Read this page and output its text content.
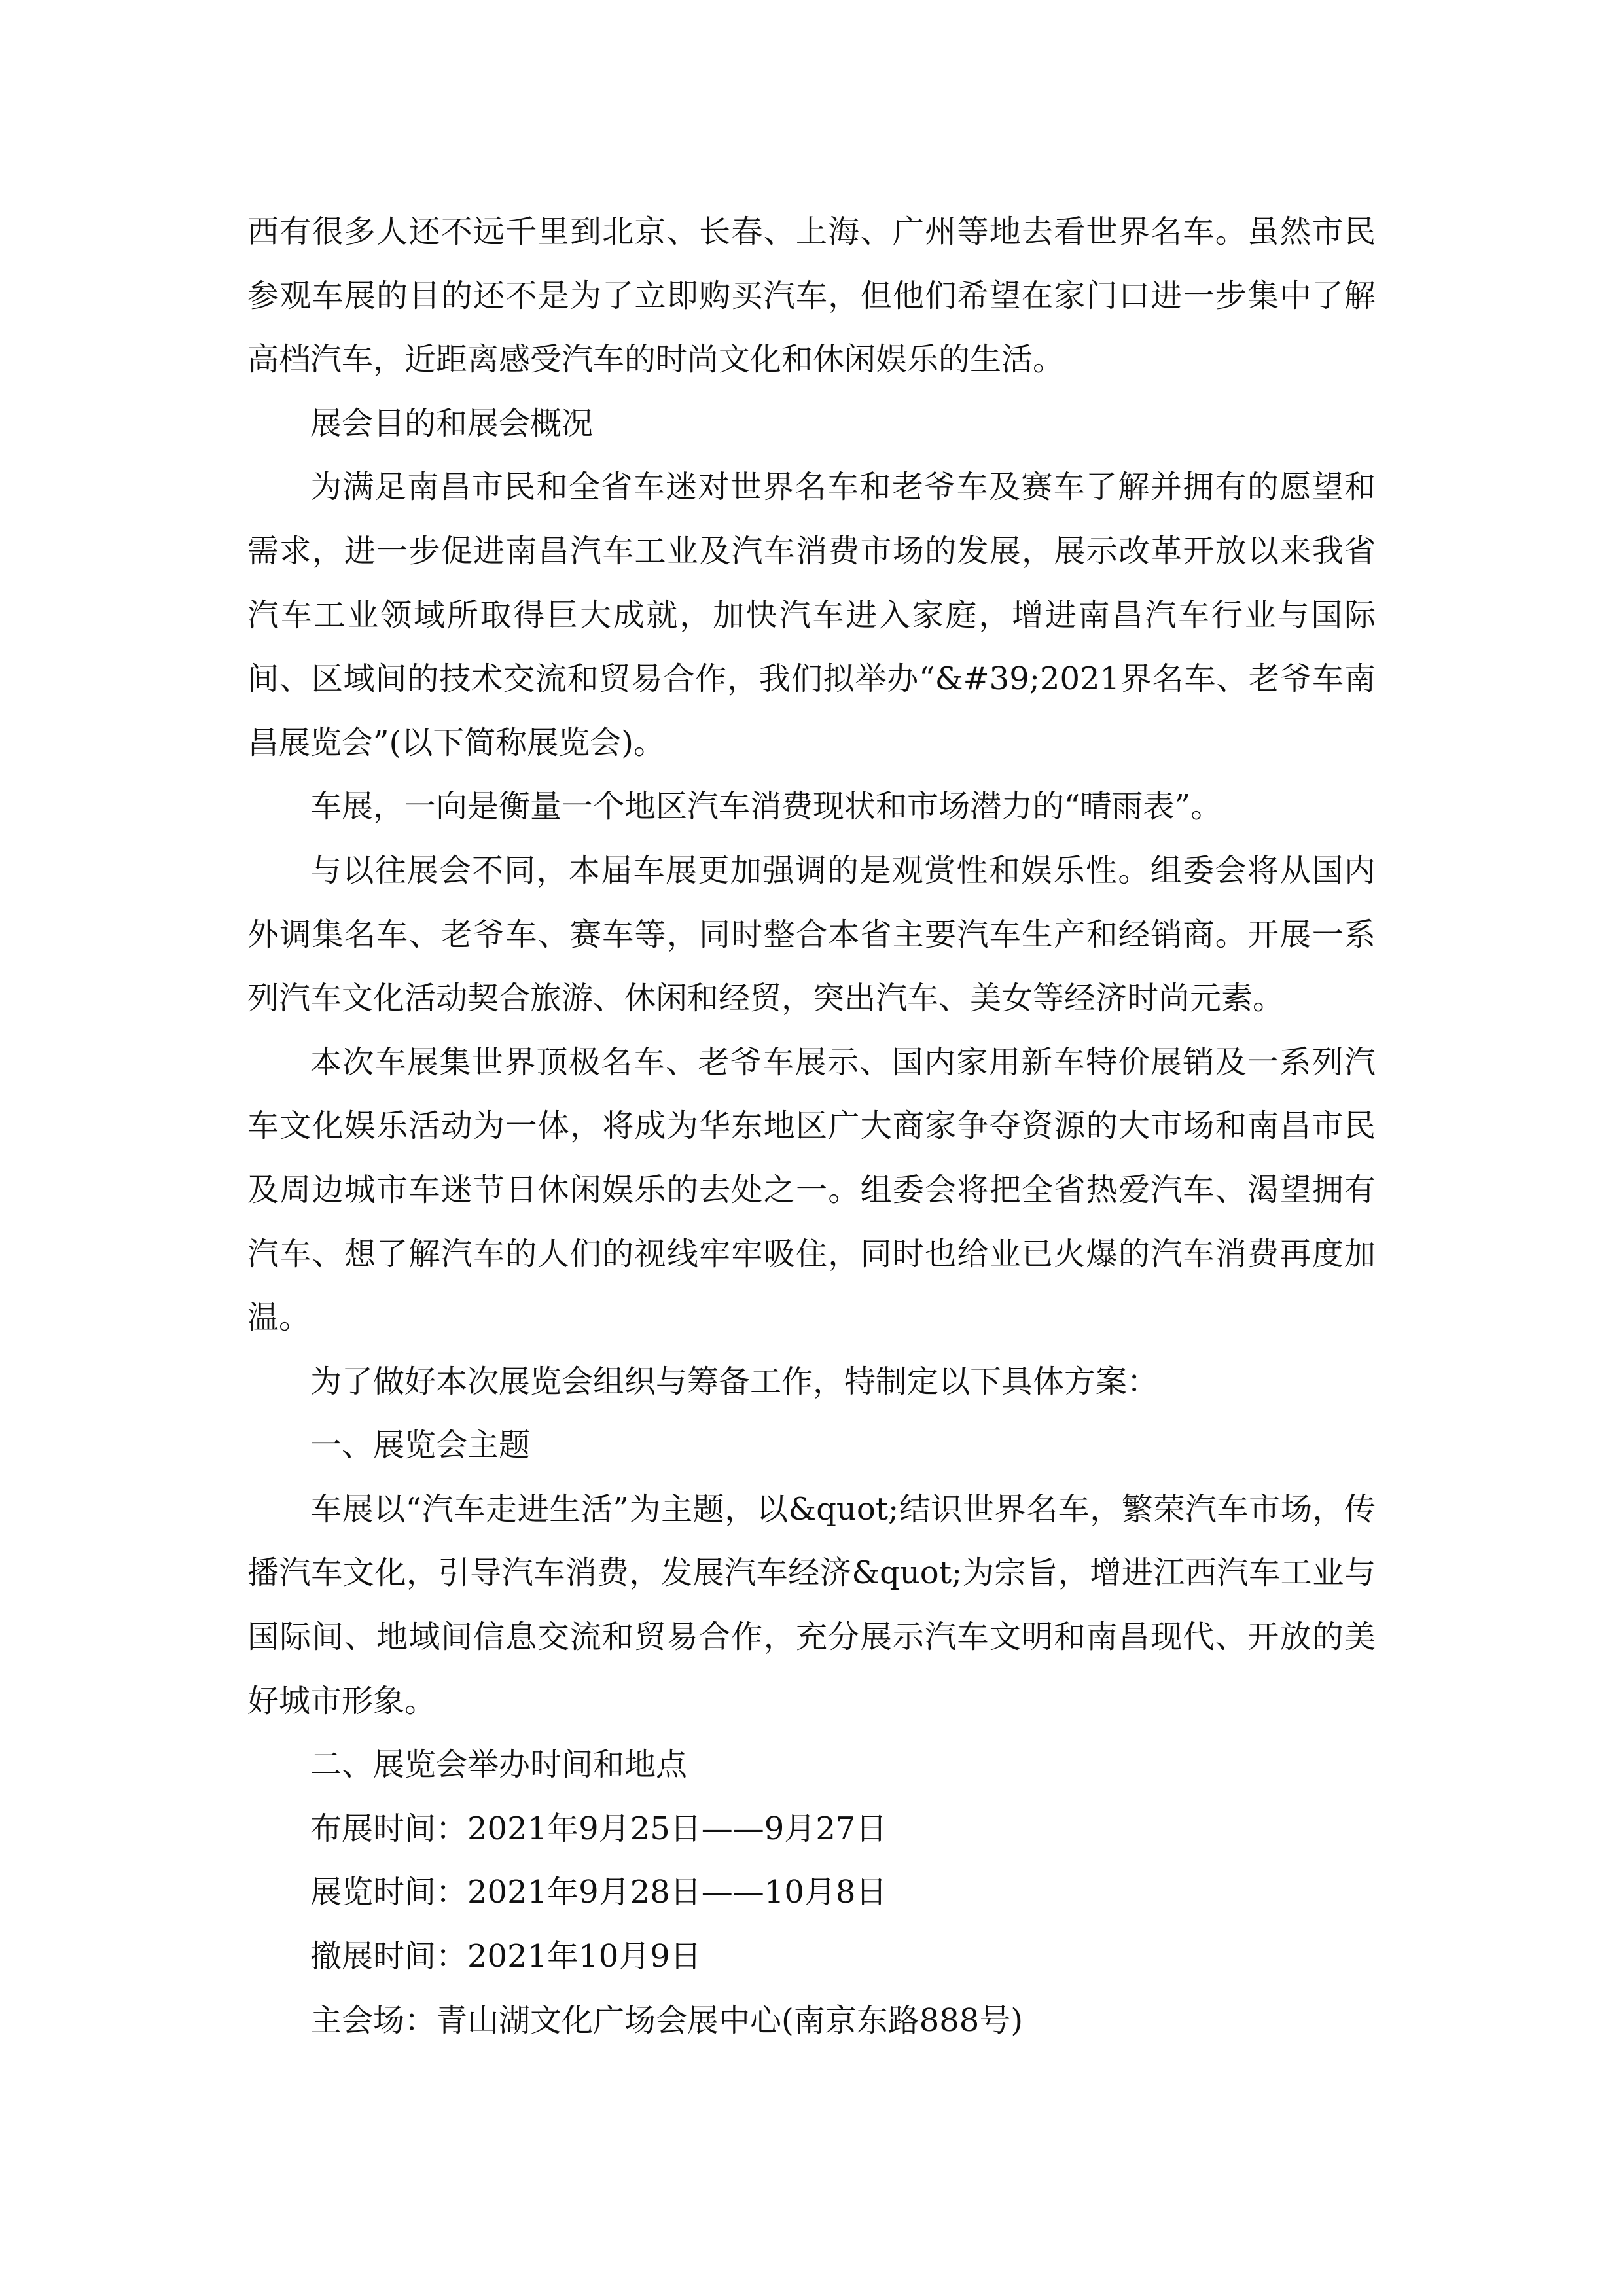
西有很多人还不远千里到北京、长春、上海、广州等地去看世界名车。虽然市民参观车展的目的还不是为了立即购买汽车，但他们希望在家门口进一步集中了解高档汽车，近距离感受汽车的时尚文化和休闲娱乐的生活。

展会目的和展会概况

为满足南昌市民和全省车迷对世界名车和老爷车及赛车了解并拥有的愿望和需求，进一步促进南昌汽车工业及汽车消费市场的发展，展示改革开放以来我省汽车工业领域所取得巨大成就，加快汽车进入家庭，增进南昌汽车行业与国际间、区域间的技术交流和贸易合作，我们拟举办“&#39;2021界名车、老爷车南昌展览会”(以下简称展览会)。

车展，一向是衡量一个地区汽车消费现状和市场潜力的“晴雨表”。

与以往展会不同，本届车展更加强调的是观赏性和娱乐性。组委会将从国内外调集名车、老爷车、赛车等，同时整合本省主要汽车生产和经销商。开展一系列汽车文化活动契合旅游、休闲和经贸，突出汽车、美女等经济时尚元素。

本次车展集世界顶极名车、老爷车展示、国内家用新车特价展销及一系列汽车文化娱乐活动为一体，将成为华东地区广大商家争夺资源的大市场和南昌市民及周边城市车迷节日休闲娱乐的去处之一。组委会将把全省热爱汽车、渴望拥有汽车、想了解汽车的人们的视线牢牢吸住，同时也给业已火爆的汽车消费再度加温。

为了做好本次展览会组织与筹备工作，特制定以下具体方案：

一、展览会主题

车展以“汽车走进生活”为主题，以&quot;结识世界名车，繁荣汽车市场，传播汽车文化，引导汽车消费，发展汽车经济&quot;为宗旨，增进江西汽车工业与国际间、地域间信息交流和贸易合作，充分展示汽车文明和南昌现代、开放的美好城市形象。

二、展览会举办时间和地点

布展时间：2021年9月25日——9月27日

展览时间：2021年9月28日——10月8日

撤展时间：2021年10月9日

主会场：青山湖文化广场会展中心(南京东路888号)
